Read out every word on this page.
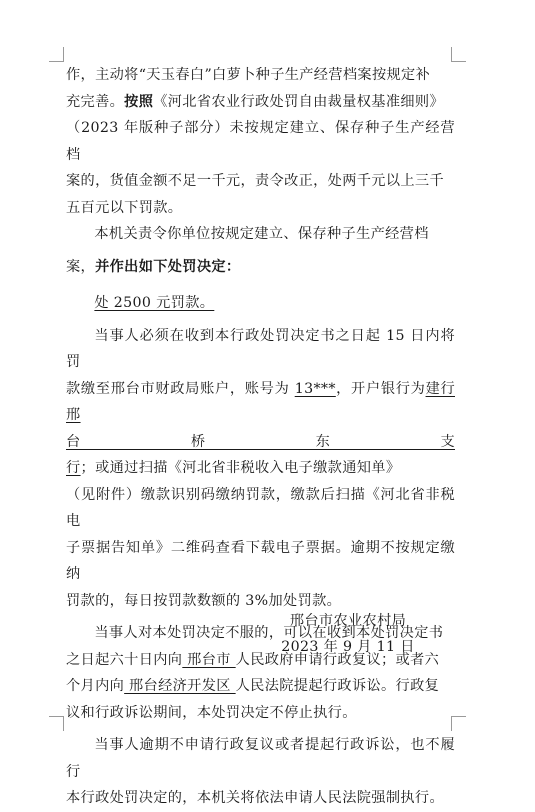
作，主动将“天玉春白”白萝卜种子生产经营档案按规定补
充完善。按照《河北省农业行政处罚自由裁量权基准细则》
（2023 年版种子部分）未按规定建立、保存种子生产经营档
案的，货值金额不足一千元，责令改正，处两千元以上三千
五百元以下罚款。
本机关责令你单位按规定建立、保存种子生产经营档
案，并作出如下处罚决定：
处 2500 元罚款。
当事人必须在收到本行政处罚决定书之日起 15 日内将罚
款缴至邢台市财政局账户，账号为 13***，开户银行为建行邢
台桥东支行；或通过扫描《河北省非税收入电子缴款通知单》
（见附件）缴款识别码缴纳罚款，缴款后扫描《河北省非税电
子票据告知单》二维码查看下载电子票据。逾期不按规定缴纳
罚款的，每日按罚款数额的 3%加处罚款。
当事人对本处罚决定不服的，可以在收到本处罚决定书
之日起六十日内向 邢台市 人民政府申请行政复议；或者六
个月内向 邢台经济开发区 人民法院提起行政诉讼。行政复
议和行政诉讼期间，本处罚决定不停止执行。
当事人逾期不申请行政复议或者提起行政诉讼，也不履行
本行政处罚决定的，本机关将依法申请人民法院强制执行。
邢台市农业农村局
2023 年 9 月 11 日
